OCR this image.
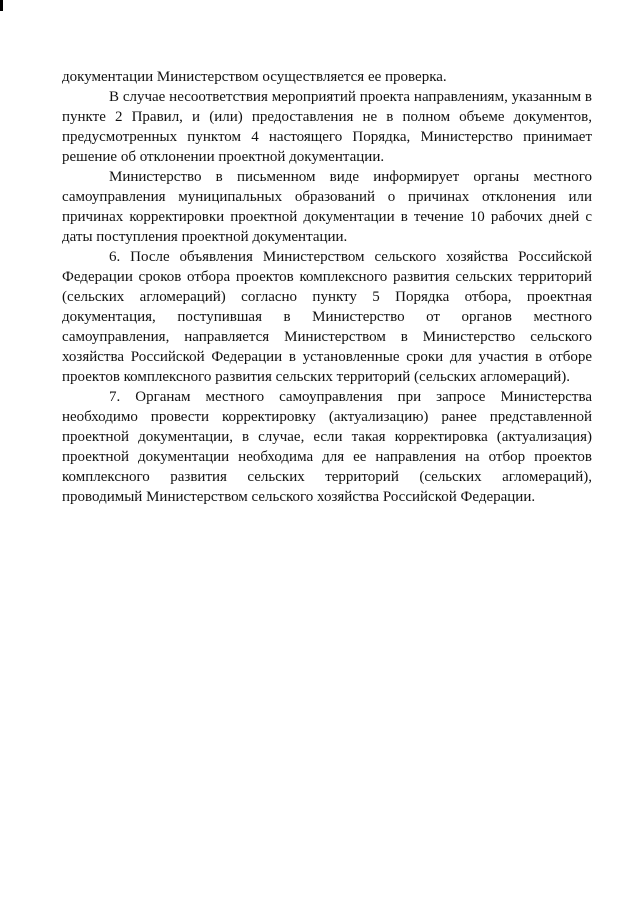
документации Министерством осуществляется ее проверка.

В случае несоответствия мероприятий проекта направлениям, указанным в пункте 2 Правил, и (или) предоставления не в полном объеме документов, предусмотренных пунктом 4 настоящего Порядка, Министерство принимает решение об отклонении проектной документации.

Министерство в письменном виде информирует органы местного самоуправления муниципальных образований о причинах отклонения или причинах корректировки проектной документации в течение 10 рабочих дней с даты поступления проектной документации.

6. После объявления Министерством сельского хозяйства Российской Федерации сроков отбора проектов комплексного развития сельских территорий (сельских агломераций) согласно пункту 5 Порядка отбора, проектная документация, поступившая в Министерство от органов местного самоуправления, направляется Министерством в Министерство сельского хозяйства Российской Федерации в установленные сроки для участия в отборе проектов комплексного развития сельских территорий (сельских агломераций).

7. Органам местного самоуправления при запросе Министерства необходимо провести корректировку (актуализацию) ранее представленной проектной документации, в случае, если такая корректировка (актуализация) проектной документации необходима для ее направления на отбор проектов комплексного развития сельских территорий (сельских агломераций), проводимый Министерством сельского хозяйства Российской Федерации.
